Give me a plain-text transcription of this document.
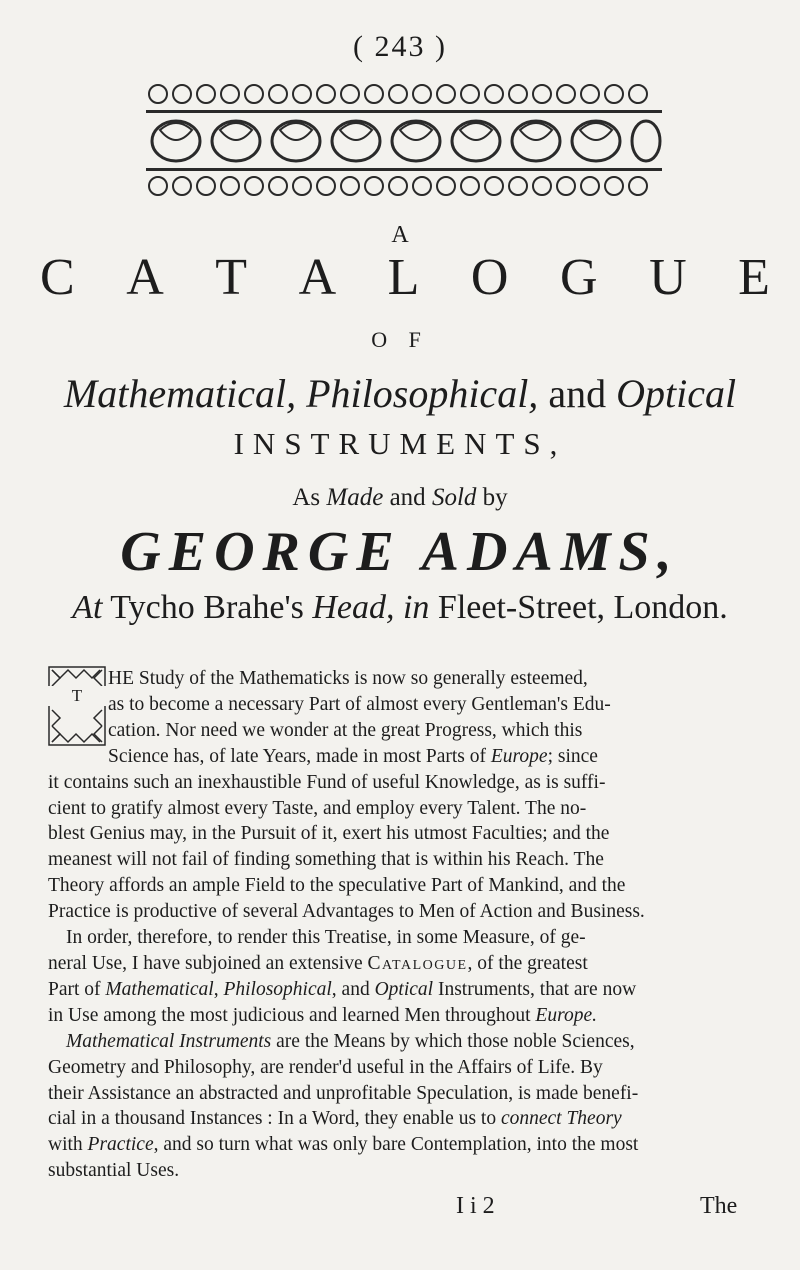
( 243 )
A
C A T A L O G U E
O F
Mathematical, Philosophical, and Optical
INSTRUMENTS,
As Made and Sold by
GEORGE ADAMS,
At Tycho Brahe's Head, in Fleet-Street, London.
HE Study of the Mathematicks is now so generally esteemed,
as to become a necessary Part of almost every Gentleman's Edu-
cation. Nor need we wonder at the great Progress, which this
Science has, of late Years, made in most Parts of Europe; since
it contains such an inexhaustible Fund of useful Knowledge, as is suffi-
cient to gratify almost every Taste, and employ every Talent. The no-
blest Genius may, in the Pursuit of it, exert his utmost Faculties; and the
meanest will not fail of finding something that is within his Reach. The
Theory affords an ample Field to the speculative Part of Mankind, and the
Practice is productive of several Advantages to Men of Action and Business.
In order, therefore, to render this Treatise, in some Measure, of ge-
neral Use, I have subjoined an extensive Catalogue, of the greatest
Part of Mathematical, Philosophical, and Optical Instruments, that are now
in Use among the most judicious and learned Men throughout Europe.
Mathematical Instruments are the Means by which those noble Sciences,
Geometry and Philosophy, are render'd useful in the Affairs of Life. By
their Assistance an abstracted and unprofitable Speculation, is made benefi-
cial in a thousand Instances : In a Word, they enable us to connect Theory
with Practice, and so turn what was only bare Contemplation, into the most
substantial Uses.
T
I i 2	The
